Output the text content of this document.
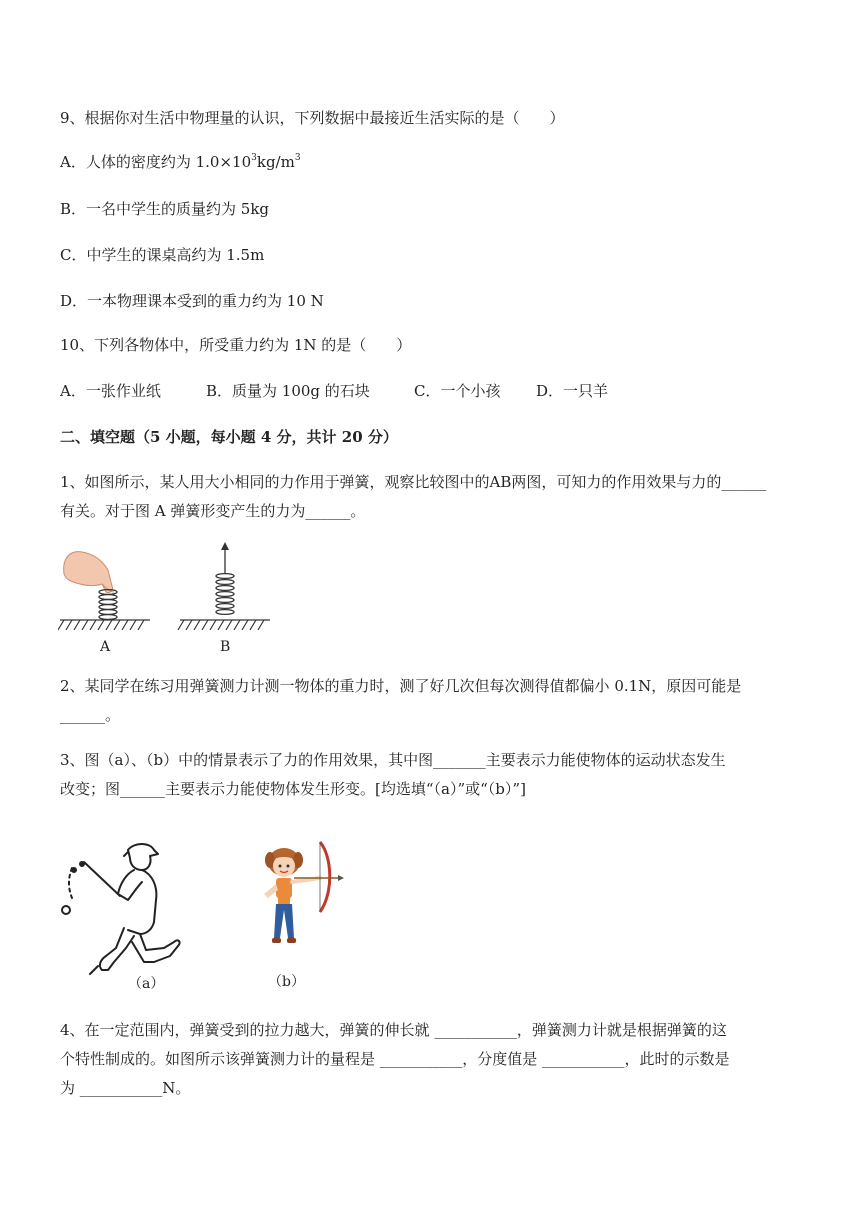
9、根据你对生活中物理量的认识，下列数据中最接近生活实际的是（　　）
A．人体的密度约为 $1.0\times 10^3kg/m^3$
B．一名中学生的质量约为 5kg
C．中学生的课桌高约为 1.5m
D．一本物理课本受到的重力约为 10 N
10、下列各物体中，所受重力约为 1N 的是（　　）
A．一张作业纸	B．质量为 100g 的石块	C．一个小孩 D．一只羊
二、填空题（5 小题，每小题 4 分，共计 20 分）
1、如图所示，某人用大小相同的力作用于弹簧，观察比较图中的AB两图，可知力的作用效果与力的______
有关。对于图 A 弹簧形变产生的力为______。
A	B
2、某同学在练习用弹簧测力计测一物体的重力时，测了好几次但每次测得值都偏小 0.1N，原因可能是
______。
3、图（a）、（b）中的情景表示了力的作用效果，其中图_______主要表示力能使物体的运动状态发生
改变；图______主要表示力能使物体发生形变。[均选填“（a）”或“（b）”]
（a）	（b）
4、在一定范围内，弹簧受到的拉力越大，弹簧的伸长就 ___________，弹簧测力计就是根据弹簧的这
个特性制成的。如图所示该弹簧测力计的量程是 ___________，分度值是 ___________，此时的示数是
为 ___________N。
